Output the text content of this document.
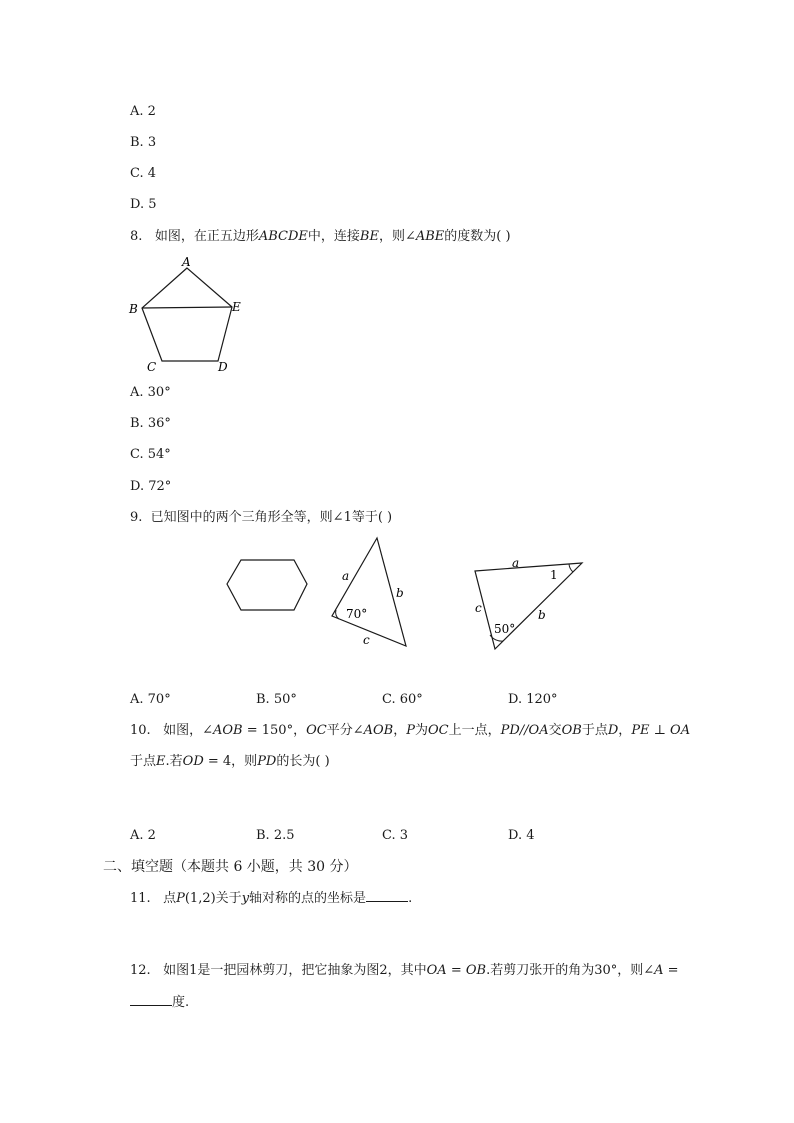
A. 2
B. 3
C. 4
D. 5
8. 如图，在正五边形ABCDE中，连接BE，则∠ABE的度数为( )
A
B
C	D
E
A. 30°
B. 36°
C. 54°
D. 72°
9. 已知图中的两个三角形全等，则∠1等于( )
a
b
c
70°
a
b
c
1
50°
A. 70°	B. 50°	C. 60°	D. 120°
10. 如图，∠AOB = 150°，OC平分∠AOB，P为OC上一点，PD//OA交OB于点D，PE ⊥ OA
于点E.若OD = 4，则PD的长为( )
A. 2	B. 2.5	C. 3	D. 4
二、填空题（本题共 6 小题，共 30 分）
11. 点P(1,2)关于y轴对称的点的坐标是	.
12. 如图1是一把园林剪刀，把它抽象为图2，其中OA = OB.若剪刀张开的角为30°，则∠A =
度.
